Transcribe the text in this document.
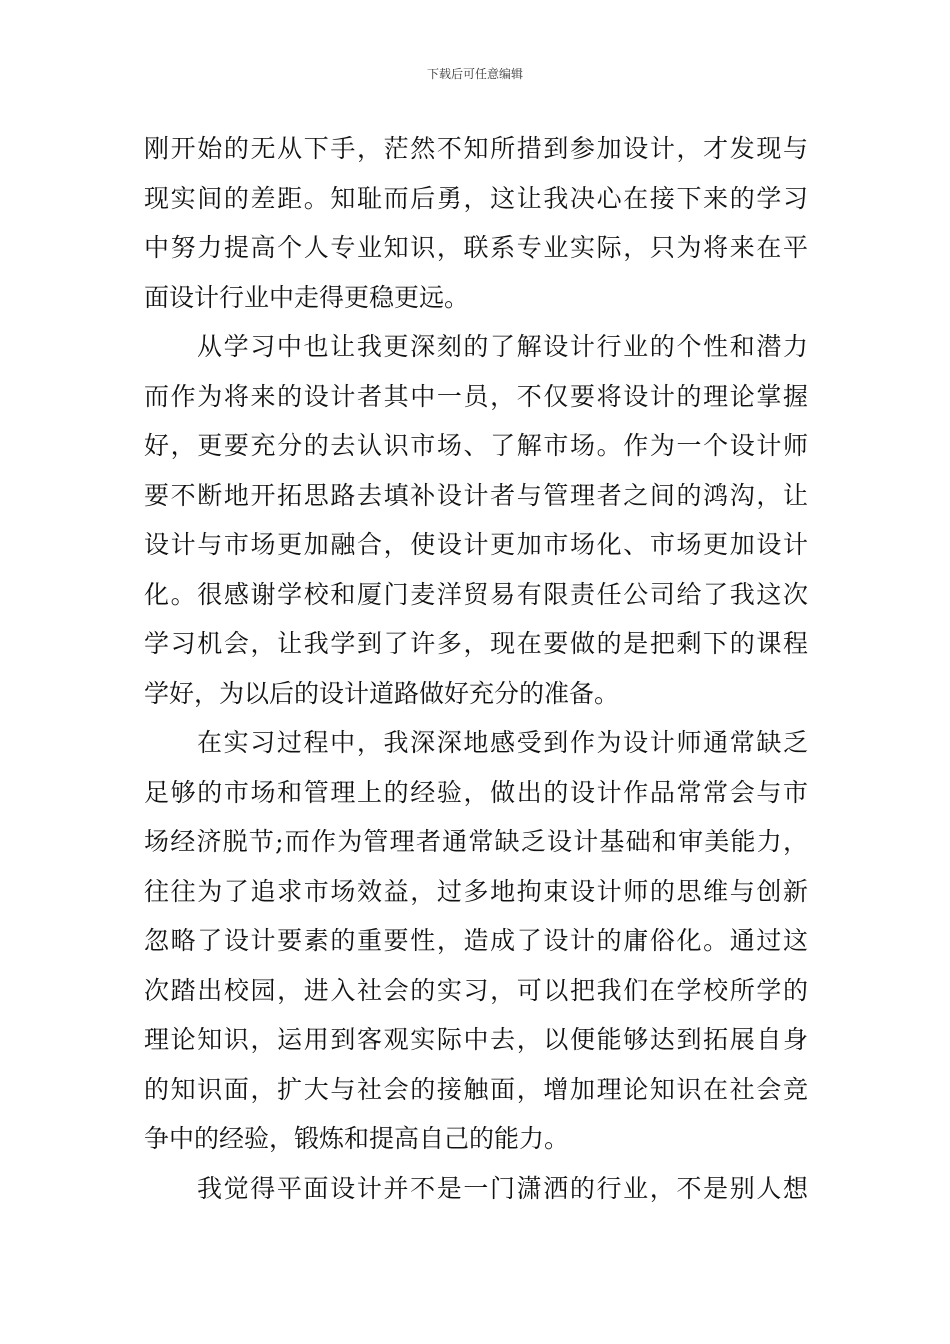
下载后可任意编辑
刚开始的无从下手，茫然不知所措到参加设计，才发现与
现实间的差距。知耻而后勇，这让我决心在接下来的学习
中努力提高个人专业知识，联系专业实际，只为将来在平
面设计行业中走得更稳更远。
从学习中也让我更深刻的了解设计行业的个性和潜力
而作为将来的设计者其中一员，不仅要将设计的理论掌握
好，更要充分的去认识市场、了解市场。作为一个设计师
要不断地开拓思路去填补设计者与管理者之间的鸿沟，让
设计与市场更加融合，使设计更加市场化、市场更加设计
化。很感谢学校和厦门麦洋贸易有限责任公司给了我这次
学习机会，让我学到了许多，现在要做的是把剩下的课程
学好，为以后的设计道路做好充分的准备。
在实习过程中，我深深地感受到作为设计师通常缺乏
足够的市场和管理上的经验，做出的设计作品常常会与市
场经济脱节;而作为管理者通常缺乏设计基础和审美能力，
往往为了追求市场效益，过多地拘束设计师的思维与创新
忽略了设计要素的重要性，造成了设计的庸俗化。通过这
次踏出校园，进入社会的实习，可以把我们在学校所学的
理论知识，运用到客观实际中去，以便能够达到拓展自身
的知识面，扩大与社会的接触面，增加理论知识在社会竞
争中的经验，锻炼和提高自己的能力。
我觉得平面设计并不是一门潇洒的行业，不是别人想
